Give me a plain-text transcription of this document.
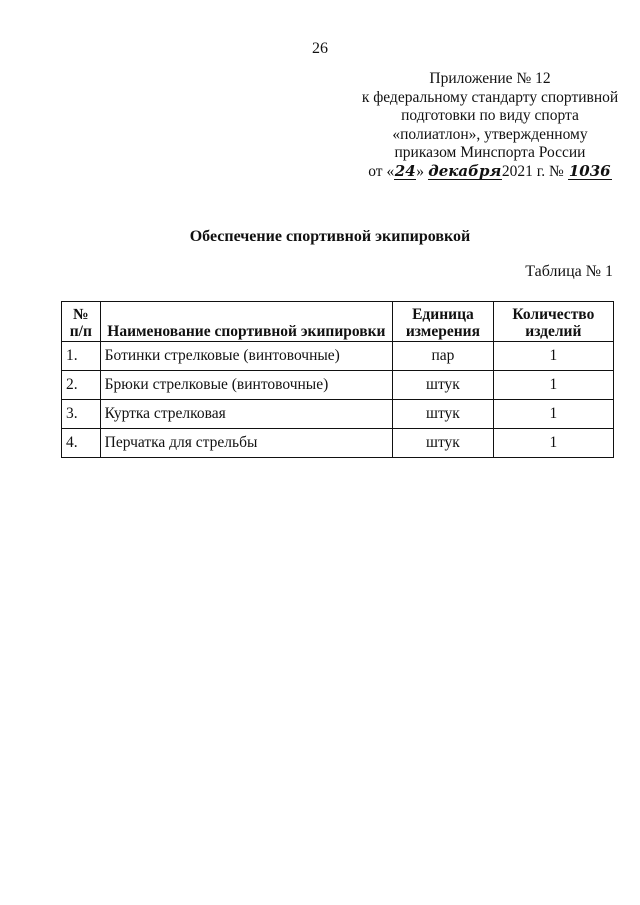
26
Приложение № 12
к федеральному стандарту спортивной
подготовки по виду спорта
«полиатлон», утвержденному
приказом Минспорта России
от «24» декабря2021 г. № 1036
Обеспечение спортивной экипировкой
Таблица № 1
№ п/п	Наименование спортивной экипировки	Единица измерения	Количество изделий
1.	Ботинки стрелковые (винтовочные)	пар	1
2.	Брюки стрелковые (винтовочные)	штук	1
3.	Куртка стрелковая	штук	1
4.	Перчатка для стрельбы	штук	1
